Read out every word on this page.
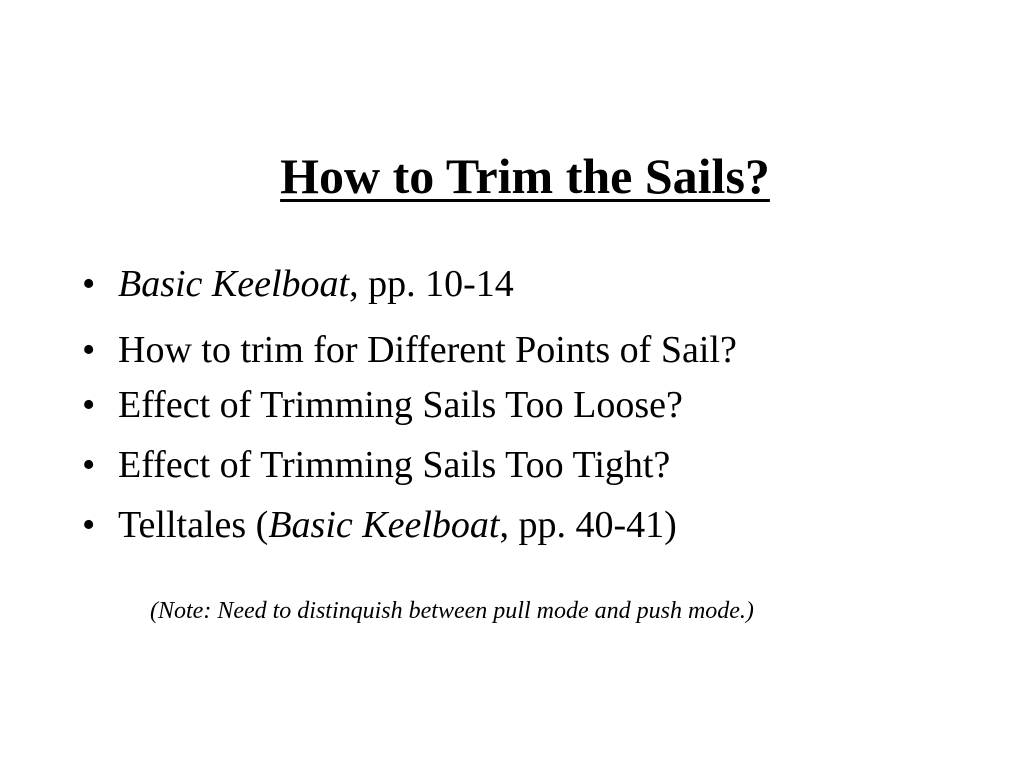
How to Trim the Sails?
• Basic Keelboat, pp. 10-14
• How to trim for Different Points of Sail?
• Effect of Trimming Sails Too Loose?
• Effect of Trimming Sails Too Tight?
• Telltales (Basic Keelboat, pp. 40-41)
(Note: Need to distinquish between pull mode and push mode.)
